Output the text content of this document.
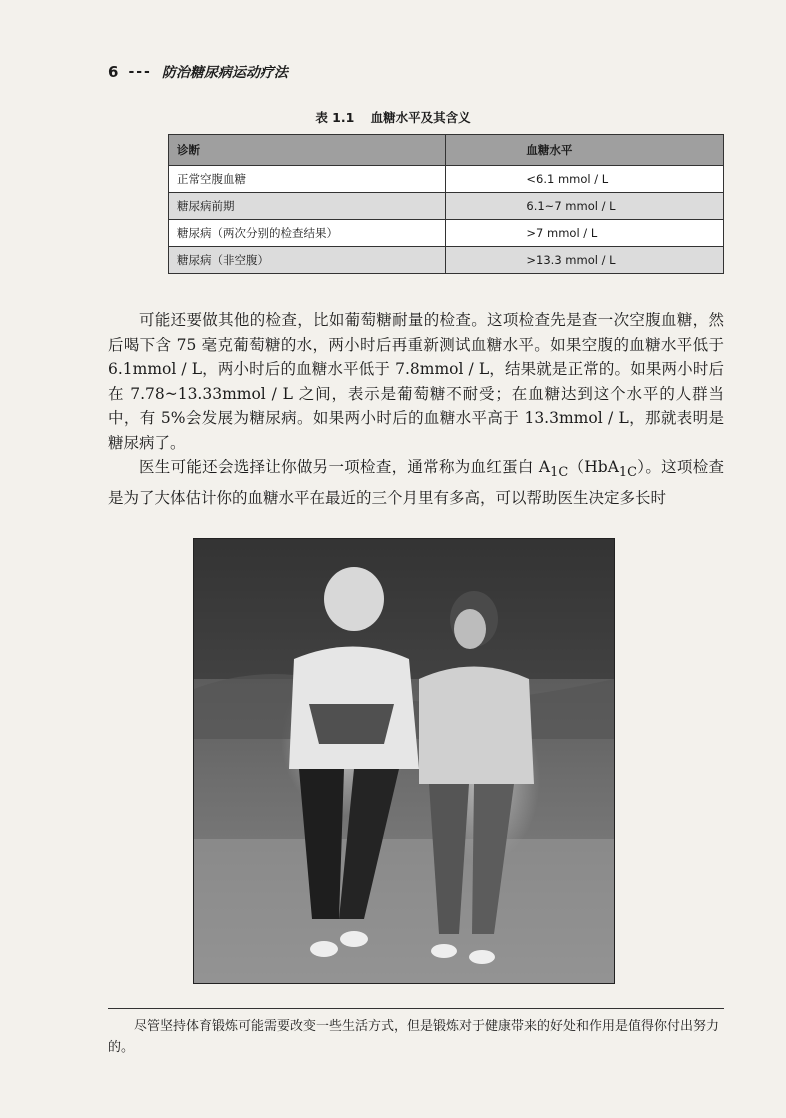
6 --- 防治糖尿病运动疗法
表 1.1 血糖水平及其含义
诊断	血糖水平
正常空腹血糖	<6.1 mmol / L
糖尿病前期	6.1~7 mmol / L
糖尿病（两次分别的检查结果）	>7 mmol / L
糖尿病（非空腹）	>13.3 mmol / L

可能还要做其他的检查，比如葡萄糖耐量的检查。这项检查先是查一次空腹血糖，然后喝下含 75 毫克葡萄糖的水，两小时后再重新测试血糖水平。如果空腹的血糖水平低于 6.1mmol / L，两小时后的血糖水平低于 7.8mmol / L，结果就是正常的。如果两小时后在 7.78~13.33mmol / L 之间，表示是葡萄糖不耐受；在血糖达到这个水平的人群当中，有 5%会发展为糖尿病。如果两小时后的血糖水平高于 13.3mmol / L，那就表明是糖尿病了。

医生可能还会选择让你做另一项检查，通常称为血红蛋白 $A_{1C}(HbA_{1C})$。这项检查是为了大体估计你的血糖水平在最近的三个月里有多高，可以帮助医生决定多长时

尽管坚持体育锻炼可能需要改变一些生活方式，但是锻炼对于健康带来的好处和作用是值得你付出努力的。
